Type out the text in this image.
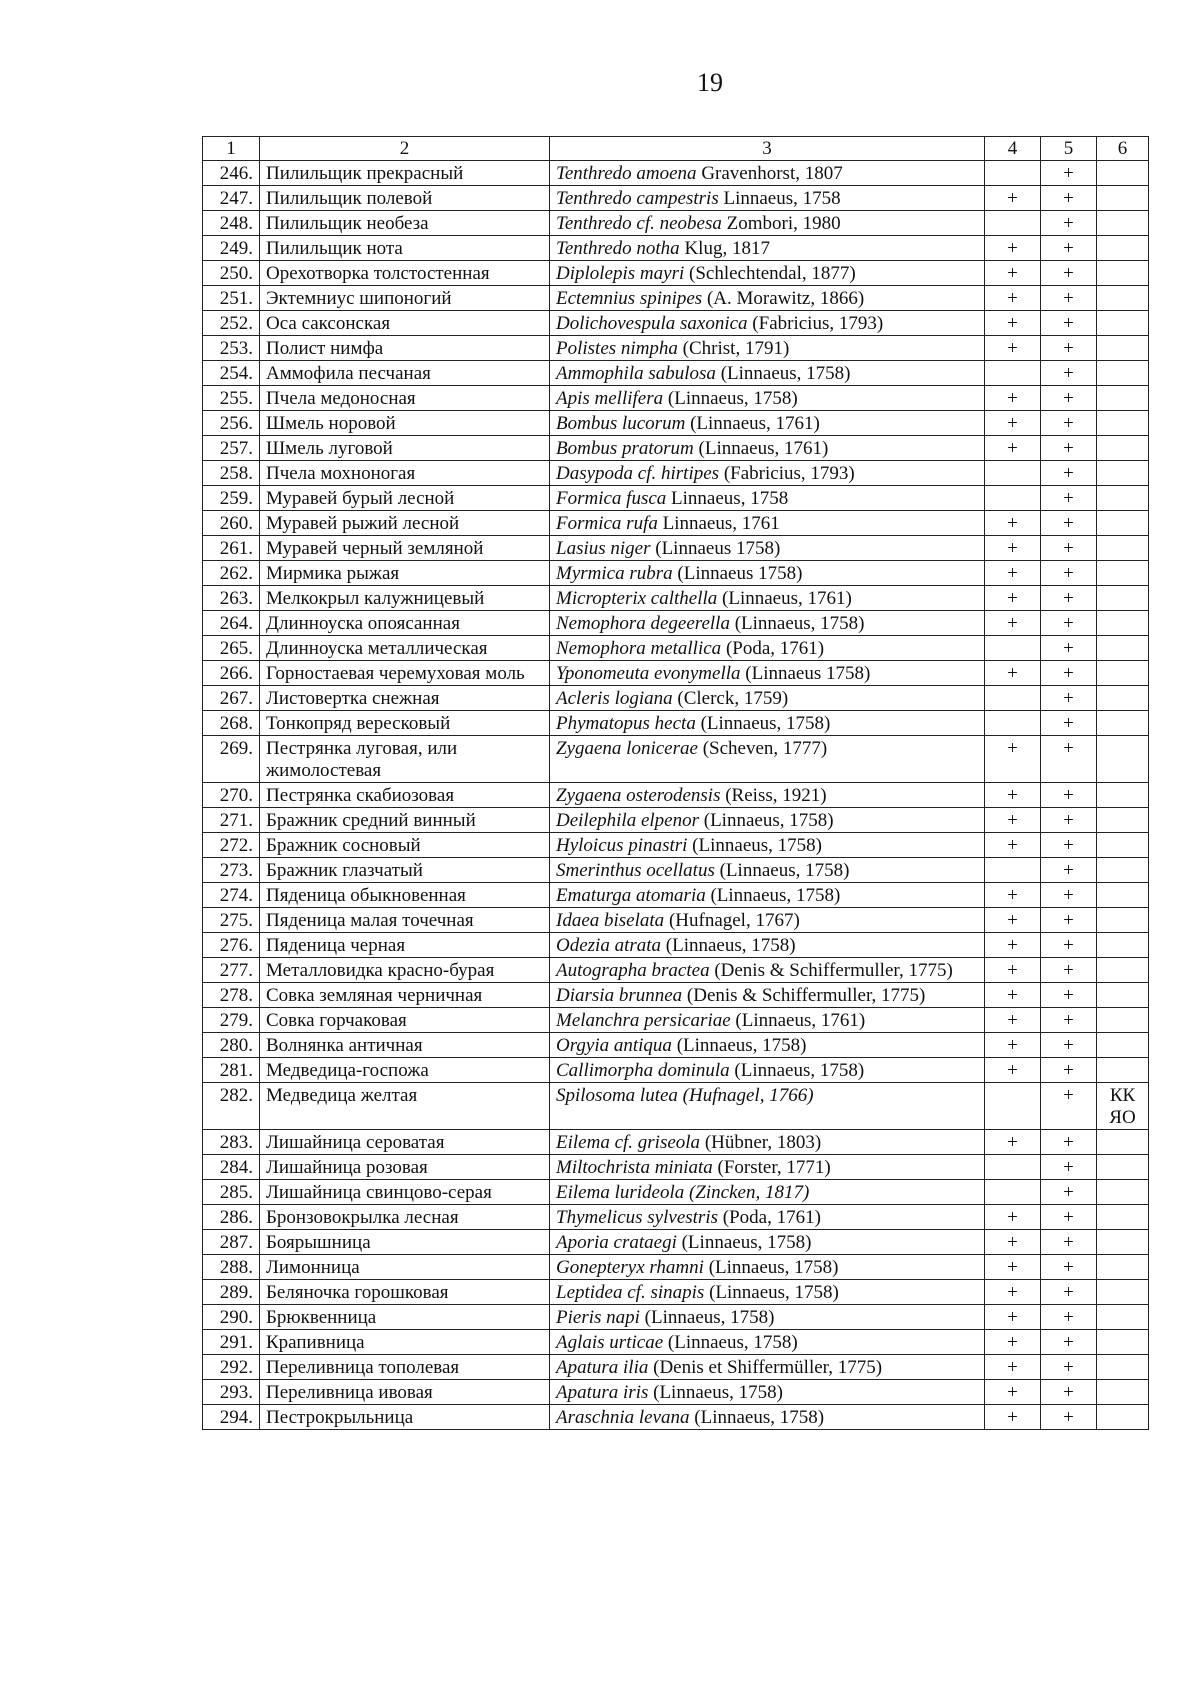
19
1	2	3	4	5	6
246.	Пилильщик прекрасный	Tenthredo amoena Gravenhorst, 1807		+	
247.	Пилильщик полевой	Tenthredo campestris Linnaeus, 1758	+	+	
248.	Пилильщик необеза	Tenthredo cf. neobesa Zombori, 1980		+	
249.	Пилильщик нота	Tenthredo notha Klug, 1817	+	+	
250.	Орехотворка толстостенная	Diplolepis mayri (Schlechtendal, 1877)	+	+	
251.	Эктемниус шипоногий	Ectemnius spinipes (A. Morawitz, 1866)	+	+	
252.	Оса саксонская	Dolichovespula saxonica (Fabricius, 1793)	+	+	
253.	Полист нимфа	Polistes nimpha (Christ, 1791)	+	+	
254.	Аммофила песчаная	Ammophila sabulosa (Linnaeus, 1758)		+	
255.	Пчела медоносная	Apis mellifera (Linnaeus, 1758)	+	+	
256.	Шмель норовой	Bombus lucorum (Linnaeus, 1761)	+	+	
257.	Шмель луговой	Bombus pratorum (Linnaeus, 1761)	+	+	
258.	Пчела мохноногая	Dasypoda cf. hirtipes (Fabricius, 1793)		+	
259.	Муравей бурый лесной	Formica fusca Linnaeus, 1758		+	
260.	Муравей рыжий лесной	Formica rufa Linnaeus, 1761	+	+	
261.	Муравей черный земляной	Lasius niger (Linnaeus 1758)	+	+	
262.	Мирмика рыжая	Myrmica rubra (Linnaeus 1758)	+	+	
263.	Мелкокрыл калужницевый	Micropterix calthella (Linnaeus, 1761)	+	+	
264.	Длинноуска опоясанная	Nemophora degeerella (Linnaeus, 1758)	+	+	
265.	Длинноуска металлическая	Nemophora metallica (Poda, 1761)		+	
266.	Горностаевая черемуховая моль	Yponomeuta evonymella (Linnaeus 1758)	+	+	
267.	Листовертка снежная	Acleris logiana (Clerck, 1759)		+	
268.	Тонкопряд вересковый	Phymatopus hecta (Linnaeus, 1758)		+	
269.	Пестрянка луговая, или жимолостевая	Zygaena lonicerae (Scheven, 1777)	+	+	
270.	Пестрянка скабиозовая	Zygaena osterodensis (Reiss, 1921)	+	+	
271.	Бражник средний винный	Deilephila elpenor (Linnaeus, 1758)	+	+	
272.	Бражник сосновый	Hyloicus pinastri (Linnaeus, 1758)	+	+	
273.	Бражник глазчатый	Smerinthus ocellatus (Linnaeus, 1758)		+	
274.	Пяденица обыкновенная	Ematurga atomaria (Linnaeus, 1758)	+	+	
275.	Пяденица малая точечная	Idaea biselata (Hufnagel, 1767)	+	+	
276.	Пяденица черная	Odezia atrata (Linnaeus, 1758)	+	+	
277.	Металловидка красно-бурая	Autographa bractea (Denis & Schiffermuller, 1775)	+	+	
278.	Совка земляная черничная	Diarsia brunnea (Denis & Schiffermuller, 1775)	+	+	
279.	Совка горчаковая	Melanchra persicariae (Linnaeus, 1761)	+	+	
280.	Волнянка античная	Orgyia antiqua (Linnaeus, 1758)	+	+	
281.	Медведица-госпожа	Callimorpha dominula (Linnaeus, 1758)	+	+	
282.	Медведица желтая	Spilosoma lutea (Hufnagel, 1766)		+	КК ЯО
283.	Лишайница сероватая	Eilema cf. griseola (Hübner, 1803)	+	+	
284.	Лишайница розовая	Miltochrista miniata (Forster, 1771)		+	
285.	Лишайница свинцово-серая	Eilema lurideola (Zincken, 1817)		+	
286.	Бронзовокрылка лесная	Thymelicus sylvestris (Poda, 1761)	+	+	
287.	Боярышница	Aporia crataegi (Linnaeus, 1758)	+	+	
288.	Лимонница	Gonepteryx rhamni (Linnaeus, 1758)	+	+	
289.	Беляночка горошковая	Leptidea cf. sinapis (Linnaeus, 1758)	+	+	
290.	Брюквенница	Pieris napi (Linnaeus, 1758)	+	+	
291.	Крапивница	Aglais urticae (Linnaeus, 1758)	+	+	
292.	Переливница тополевая	Apatura ilia (Denis et Shiffermüller, 1775)	+	+	
293.	Переливница ивовая	Apatura iris (Linnaeus, 1758)	+	+	
294.	Пестрокрыльница	Araschnia levana (Linnaeus, 1758)	+	+	
